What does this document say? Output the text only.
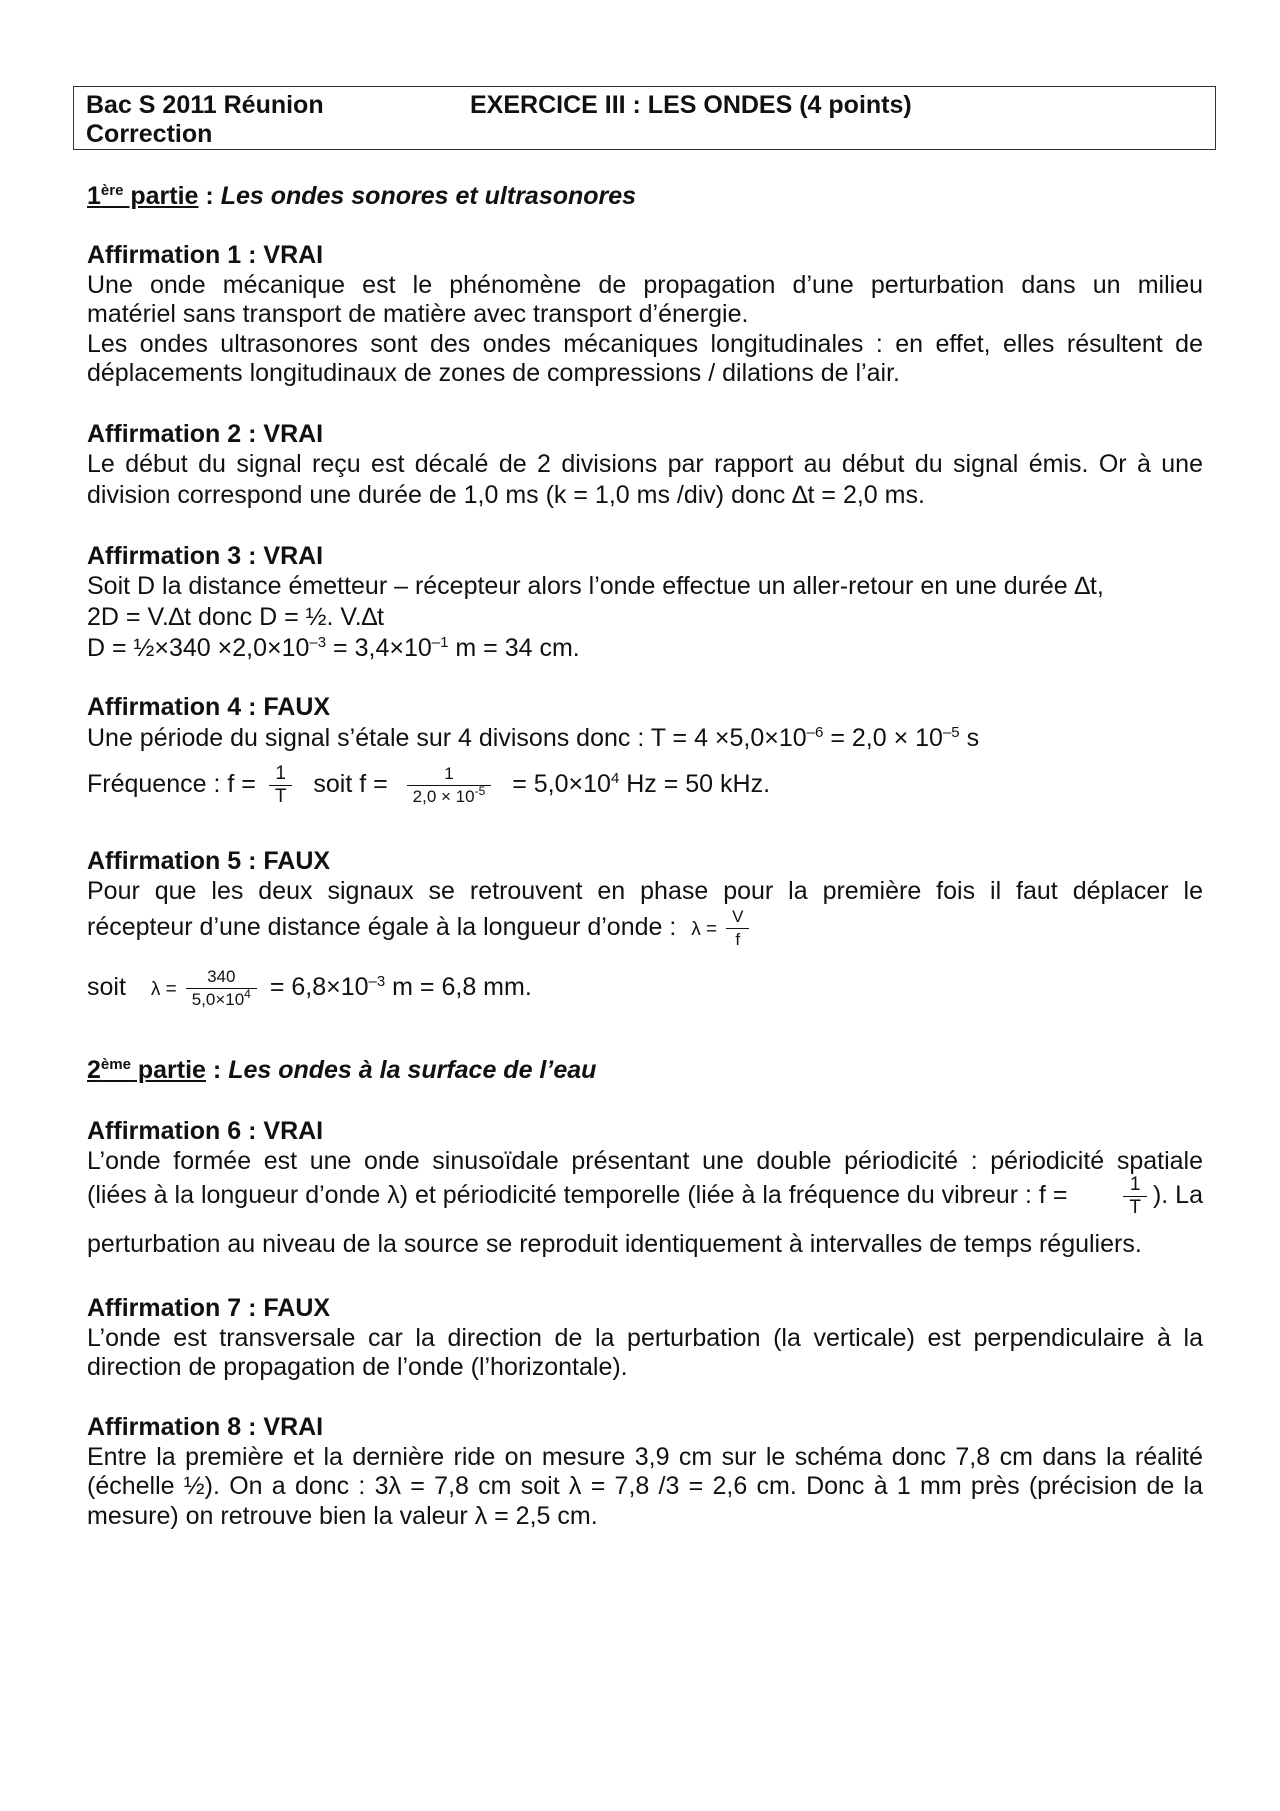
Bac S 2011 Réunion
Correction
EXERCICE III : LES ONDES (4 points)
1ère partie : Les ondes sonores et ultrasonores
Affirmation 1 : VRAI
Une onde mécanique est le phénomène de propagation d’une perturbation dans un milieu
matériel sans transport de matière avec transport d’énergie.
Les ondes ultrasonores sont des ondes mécaniques longitudinales : en effet, elles résultent de
déplacements longitudinaux de zones de compressions / dilations de l’air.
Affirmation 2 : VRAI
Le début du signal reçu est décalé de 2 divisions par rapport au début du signal émis. Or à une
division correspond une durée de 1,0 ms (k = 1,0 ms /div) donc ∆t = 2,0 ms.
Affirmation 3 : VRAI
Soit D la distance émetteur – récepteur alors l’onde effectue un aller-retour en une durée ∆t,
2D = V.∆t donc D = ½. V.∆t
D = ½×340 $\times 2,0\times 10^{-3} = 3,4\times 10^{-1}$ m = 34 cm.
Affirmation 4 : FAUX
Une période du signal s’étale sur 4 divisons donc : $T = 4 \times 5,0\times 10^{-6} = 2,0 \times 10^{-5}$ s
Fréquence : $f = \frac{1}{T}$ soit $f = \frac{1}{2,0 \times 10^{-5}} = 5,0\times 10^4$ Hz = 50 kHz.
Affirmation 5 : FAUX
Pour que les deux signaux se retrouvent en phase pour la première fois il faut déplacer le
récepteur d’une distance égale à la longueur d’onde : $\lambda = \frac{V}{f}$
soit $\lambda = \frac{340}{5,0\times 10^4} = 6,8\times 10^{-3}$ m = 6,8 mm.
2ème partie : Les ondes à la surface de l’eau
Affirmation 6 : VRAI
L’onde formée est une onde sinusoïdale présentant une double périodicité : périodicité spatiale
(liées à la longueur d’onde λ) et périodicité temporelle (liée à la fréquence du vibreur : f =	$\frac{1}{T}$ ). La
perturbation au niveau de la source se reproduit identiquement à intervalles de temps réguliers.
Affirmation 7 : FAUX
L’onde est transversale car la direction de la perturbation (la verticale) est perpendiculaire à la
direction de propagation de l’onde (l’horizontale).
Affirmation 8 : VRAI
Entre la première et la dernière ride on mesure 3,9 cm sur le schéma donc 7,8 cm dans la réalité
(échelle ½). On a donc : 3λ = 7,8 cm soit λ = 7,8 /3 = 2,6 cm. Donc à 1 mm près (précision de la
mesure) on retrouve bien la valeur λ = 2,5 cm.
